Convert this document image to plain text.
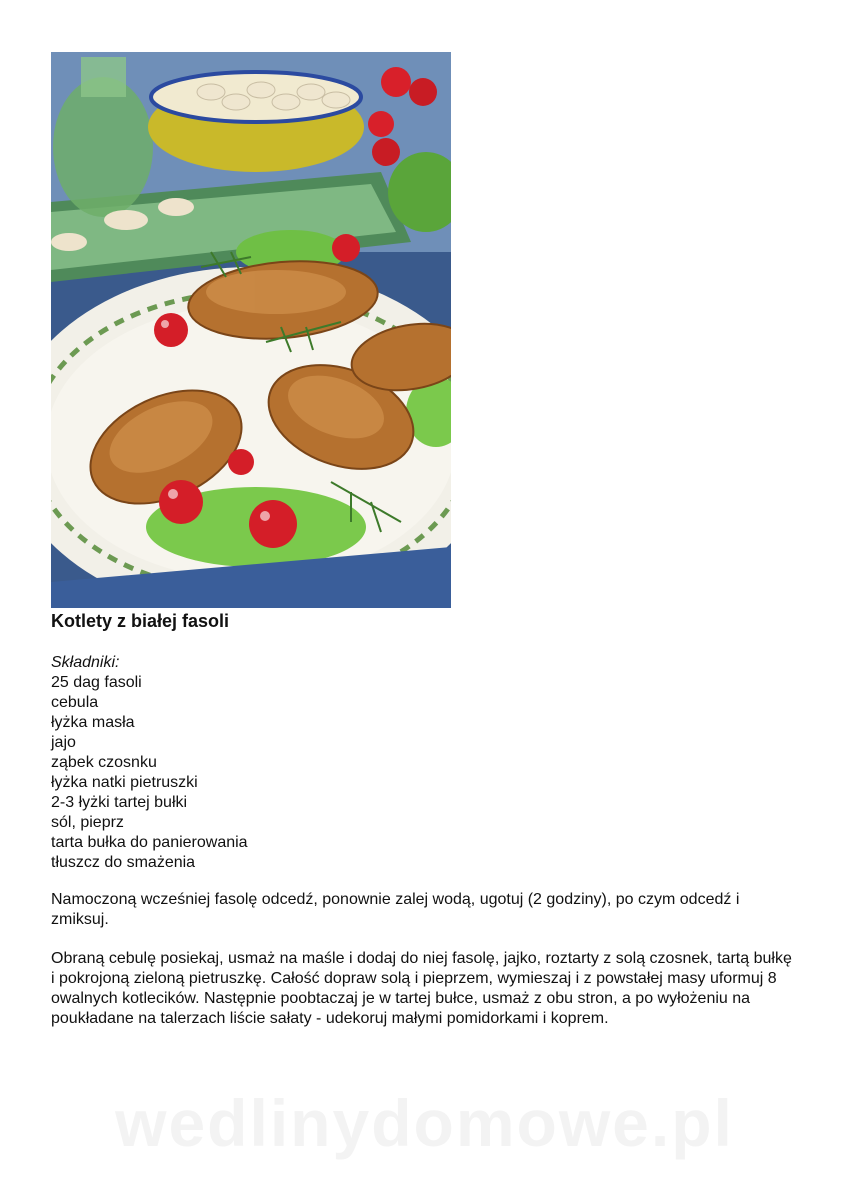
Kotlety z białej fasoli
Składniki:
25 dag fasoli
cebula
łyżka masła
jajo
ząbek czosnku
łyżka natki pietruszki
2-3 łyżki tartej bułki
sól, pieprz
tarta bułka do panierowania
tłuszcz do smażenia

Namoczoną wcześniej fasolę odcedź, ponownie zalej wodą, ugotuj (2 godziny), po czym odcedź i zmiksuj.

Obraną cebulę posiekaj, usmaż na maśle i dodaj do niej fasolę, jajko, roztarty z solą czosnek, tartą bułkę i pokrojoną zieloną pietruszkę. Całość dopraw solą i pieprzem, wymieszaj i z powstałej masy uformuj 8 owalnych kotlecików. Następnie poobtaczaj je w tartej bułce, usmaż z obu stron, a po wyłożeniu na poukładane na talerzach liście sałaty - udekoruj małymi pomidorkami i koprem.

wedlinydomowe.pl
